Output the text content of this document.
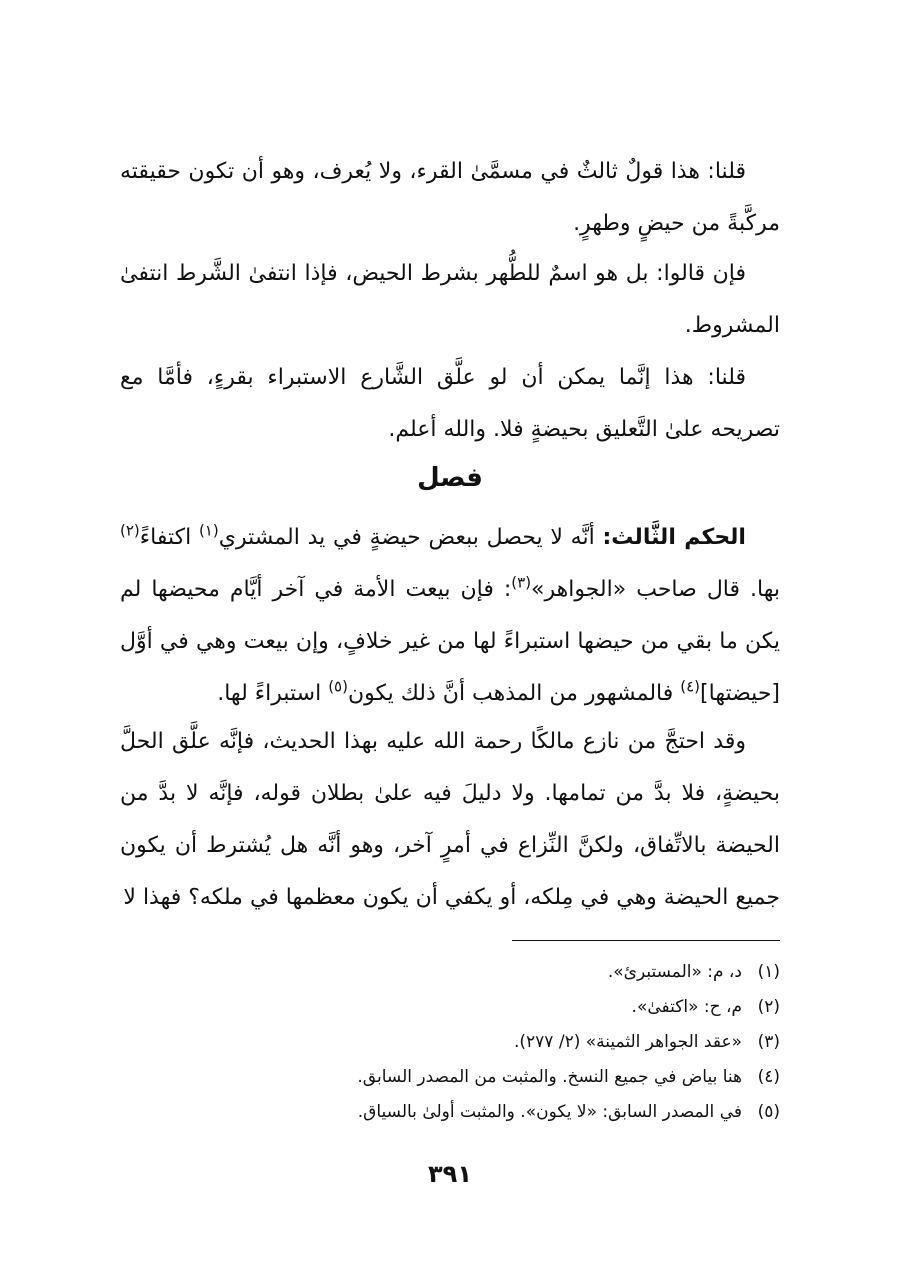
قلنا: هذا قولٌ ثالثٌ في مسمَّىٰ القرء، ولا يُعرف، وهو أن تكون حقيقته مركَّبةً من حيضٍ وطهرٍ.

فإن قالوا: بل هو اسمٌ للطُّهر بشرط الحيض، فإذا انتفىٰ الشَّرط انتفىٰ المشروط.

قلنا: هذا إنَّما يمكن أن لو علَّق الشَّارع الاستبراء بقرءٍ، فأمَّا مع تصريحه علىٰ التَّعليق بحيضةٍ فلا. والله أعلم.

فصل

الحكم الثَّالث: أنَّه لا يحصل ببعض حيضةٍ في يد المشتري$^{(١)}$ اكتفاءً$^{(٢)}$ بها. قال صاحب «الجواهر»$^{(٣)}$: فإن بيعت الأمة في آخر أيَّام محيضها لم يكن ما بقي من حيضها استبراءً لها من غير خلافٍ، وإن بيعت وهي في أوَّل [حيضتها]$^{(٤)}$ فالمشهور من المذهب أنَّ ذلك يكون$^{(٥)}$ استبراءً لها.

وقد احتجَّ من نازع مالكًا رحمة الله عليه بهذا الحديث، فإنَّه علَّق الحلَّ بحيضةٍ، فلا بدَّ من تمامها. ولا دليلَ فيه علىٰ بطلان قوله، فإنَّه لا بدَّ من الحيضة بالاتِّفاق، ولكنَّ النِّزاع في أمرٍ آخر، وهو أنَّه هل يُشترط أن يكون جميع الحيضة وهي في مِلكه، أو يكفي أن يكون معظمها في ملكه؟ فهذا لا

(١)
د، م: «المستبرئ».

(٢)
م، ح: «اكتفىٰ».

(٣)
«عقد الجواهر الثمينة» (٢/ ٢٧٧).

(٤)
هنا بياض في جميع النسخ. والمثبت من المصدر السابق.

(٥)
في المصدر السابق: «لا يكون». والمثبت أولىٰ بالسياق.

٣٩١
